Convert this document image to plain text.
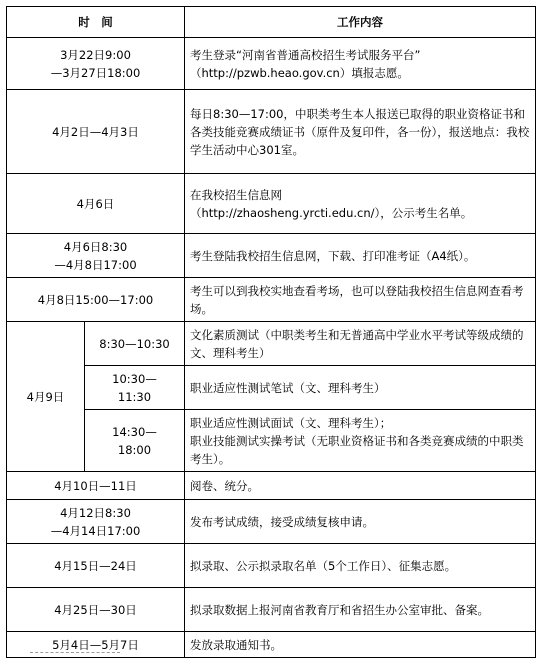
时　间		工作内容
3月22日9:00
—3月27日18:00		考生登录“河南省普通高校招生考试服务平台”
（http://pzwb.heao.gov.cn）填报志愿。
4月2日—4月3日		每日8:30—17:00，中职类考生本人报送已取得的职业资格证书和各类技能竞赛成绩证书（原件及复印件，各一份），报送地点：我校学生活动中心301室。
4月6日		在我校招生信息网
（http://zhaosheng.yrcti.edu.cn/），公示考生名单。
4月6日8:30
—4月8日17:00		考生登陆我校招生信息网，下载、打印准考证（A4纸）。
4月8日15:00—17:00		考生可以到我校实地查看考场，也可以登陆我校招生信息网查看考场。
4月9日	8:30—10:30	文化素质测试（中职类考生和无普通高中学业水平考试等级成绩的文、理科考生）
	10:30—
11:30	职业适应性测试笔试（文、理科考生）
	14:30—
18:00	职业适应性测试面试（文、理科考生）；
职业技能测试实操考试（无职业资格证书和各类竞赛成绩的中职类考生）。
4月10日—11日		阅卷、统分。
4月12日8:30
—4月14日17:00		发布考试成绩，接受成绩复核申请。
4月15日—24日		拟录取、公示拟录取名单（5个工作日）、征集志愿。
4月25日—30日		拟录取数据上报河南省教育厅和省招生办公室审批、备案。
5月4日—5月7日		发放录取通知书。
